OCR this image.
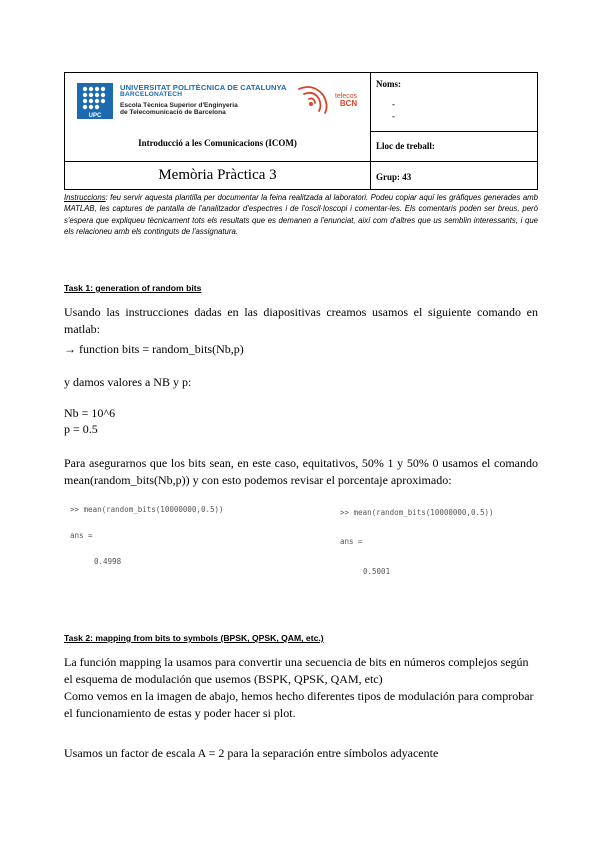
UPC
UNIVERSITAT POLITÈCNICA DE CATALUNYA
BARCELONATECH
Escola Tècnica Superior d'Enginyeria
de Telecomunicació de Barcelona
telecos
BCN
Introducció a les Comunicacions (ICOM)
Memòria Pràctica 3
Noms:
-
-
Lloc de treball:
Grup: 43
Instruccions: feu servir aquesta plantilla per documentar la feina realitzada al laboratori. Podeu copiar aquí les gràfiques generades amb MATLAB, les captures de pantalla de l'analitzador d'espectres i de l'oscil·loscopi i comentar-les. Els comentaris poden ser breus, però s'espera que expliqueu tècnicament tots els resultats que es demanen a l'enunciat, així com d'altres que us semblin interessants, i que els relacioneu amb els continguts de l'assignatura.
Task 1: generation of random bits
Usando las instrucciones dadas en las diapositivas creamos usamos el siguiente comando en matlab:
→ function bits = random_bits(Nb,p)
y damos valores a NB y p:
Nb = 10^6
p = 0.5
Para asegurarnos que los bits sean, en este caso, equitativos, 50% 1 y 50% 0 usamos el comando mean(random_bits(Nb,p)) y con esto podemos revisar el porcentaje aproximado:
>> mean(random_bits(10000000,0.5))
ans =
0.4998
>> mean(random_bits(10000000,0.5))
ans =
0.5001
Task 2: mapping from bits to symbols (BPSK, QPSK, QAM, etc.)
La función mapping la usamos para convertir una secuencia de bits en números complejos según el esquema de modulación que usemos (BSPK, QPSK, QAM, etc)
Como vemos en la imagen de abajo, hemos hecho diferentes tipos de modulación para comprobar el funcionamiento de estas y poder hacer si plot.
Usamos un factor de escala A = 2 para la separación entre símbolos adyacente
